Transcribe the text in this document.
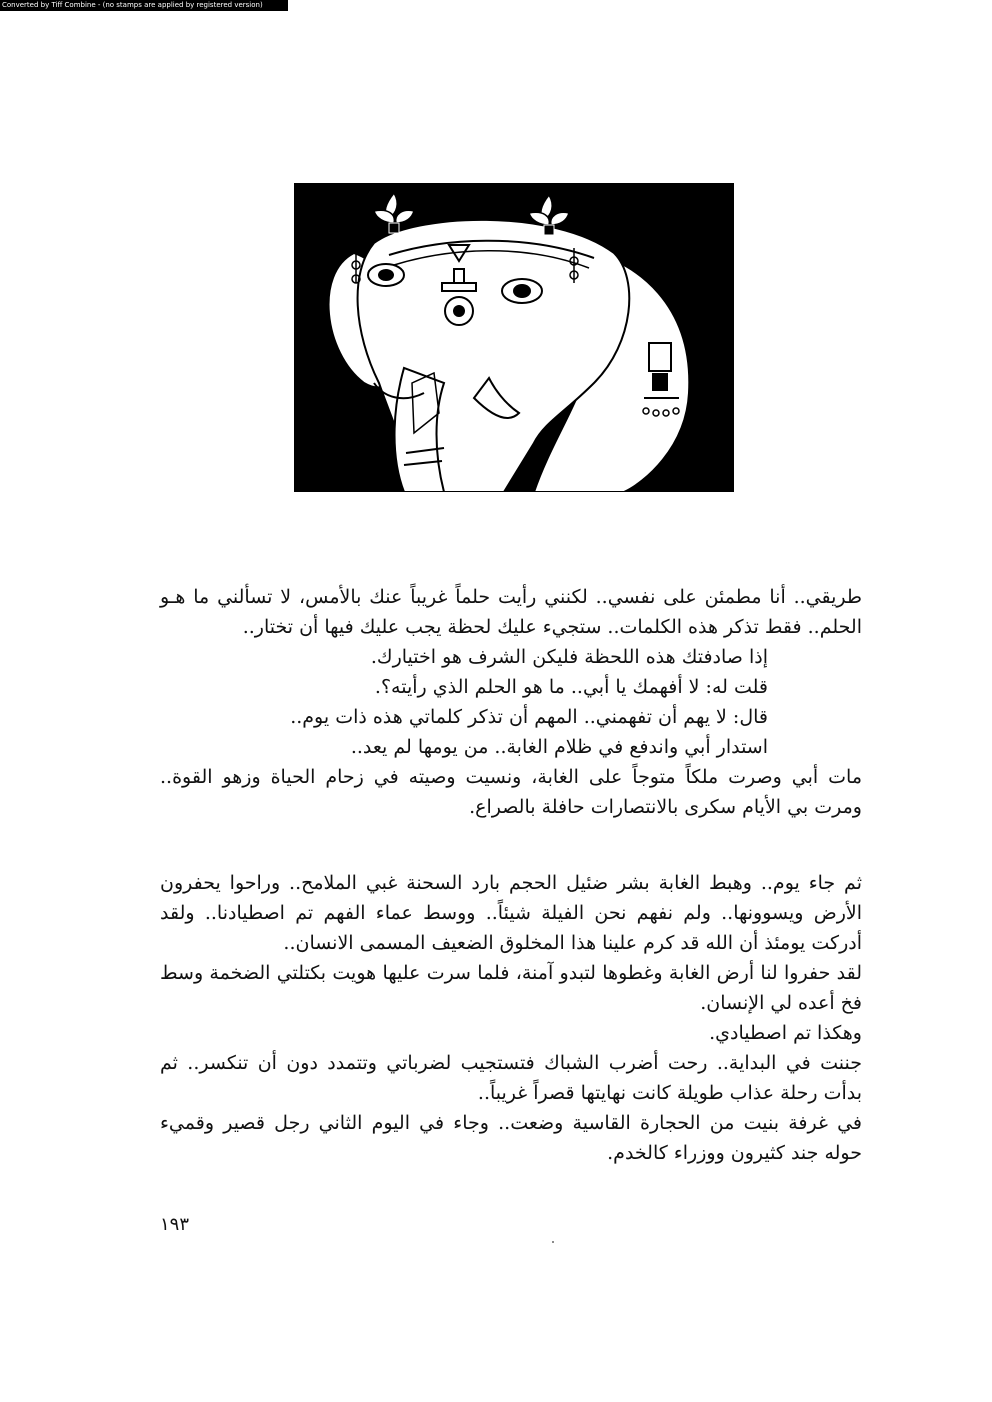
Converted by Tiff Combine - (no stamps are applied by registered version)

طريقي.. أنا مطمئن على نفسي.. لكنني رأيت حلماً غريباً عنك بالأمس، لا تسألني ما هـو الحلم.. فقط تذكر هذه الكلمات.. ستجيء عليك لحظة يجب عليك فيها أن تختار..

إذا صادفتك هذه اللحظة فليكن الشرف هو اختيارك.

قلت له: لا أفهمك يا أبي.. ما هو الحلم الذي رأيته؟.

قال: لا يهم أن تفهمني.. المهم أن تذكر كلماتي هذه ذات يوم..

استدار أبي واندفع في ظلام الغابة.. من يومها لم يعد..

مات أبي وصرت ملكاً متوجاً على الغابة، ونسيت وصيته في زحام الحياة وزهو القوة.. ومرت بي الأيام سكرى بالانتصارات حافلة بالصراع.

ثم جاء يوم.. وهبط الغابة بشر ضئيل الحجم بارد السحنة غبي الملامح.. وراحوا يحفرون الأرض ويسوونها.. ولم نفهم نحن الفيلة شيئاً.. ووسط عماء الفهم تم اصطيادنا.. ولقد أدركت يومئذ أن الله قد كرم علينا هذا المخلوق الضعيف المسمى الانسان..

لقد حفروا لنا أرض الغابة وغطوها لتبدو آمنة، فلما سرت عليها هويت بكتلتي الضخمة وسط فخ أعده لي الإنسان.

وهكذا تم اصطيادي.

جننت في البداية.. رحت أضرب الشباك فتستجيب لضرباتي وتتمدد دون أن تنكسر.. ثم بدأت رحلة عذاب طويلة كانت نهايتها قصراً غريباً..

في غرفة بنيت من الحجارة القاسية وضعت.. وجاء في اليوم الثاني رجل قصير وقميء حوله جند كثيرون ووزراء كالخدم.

١٩٣
